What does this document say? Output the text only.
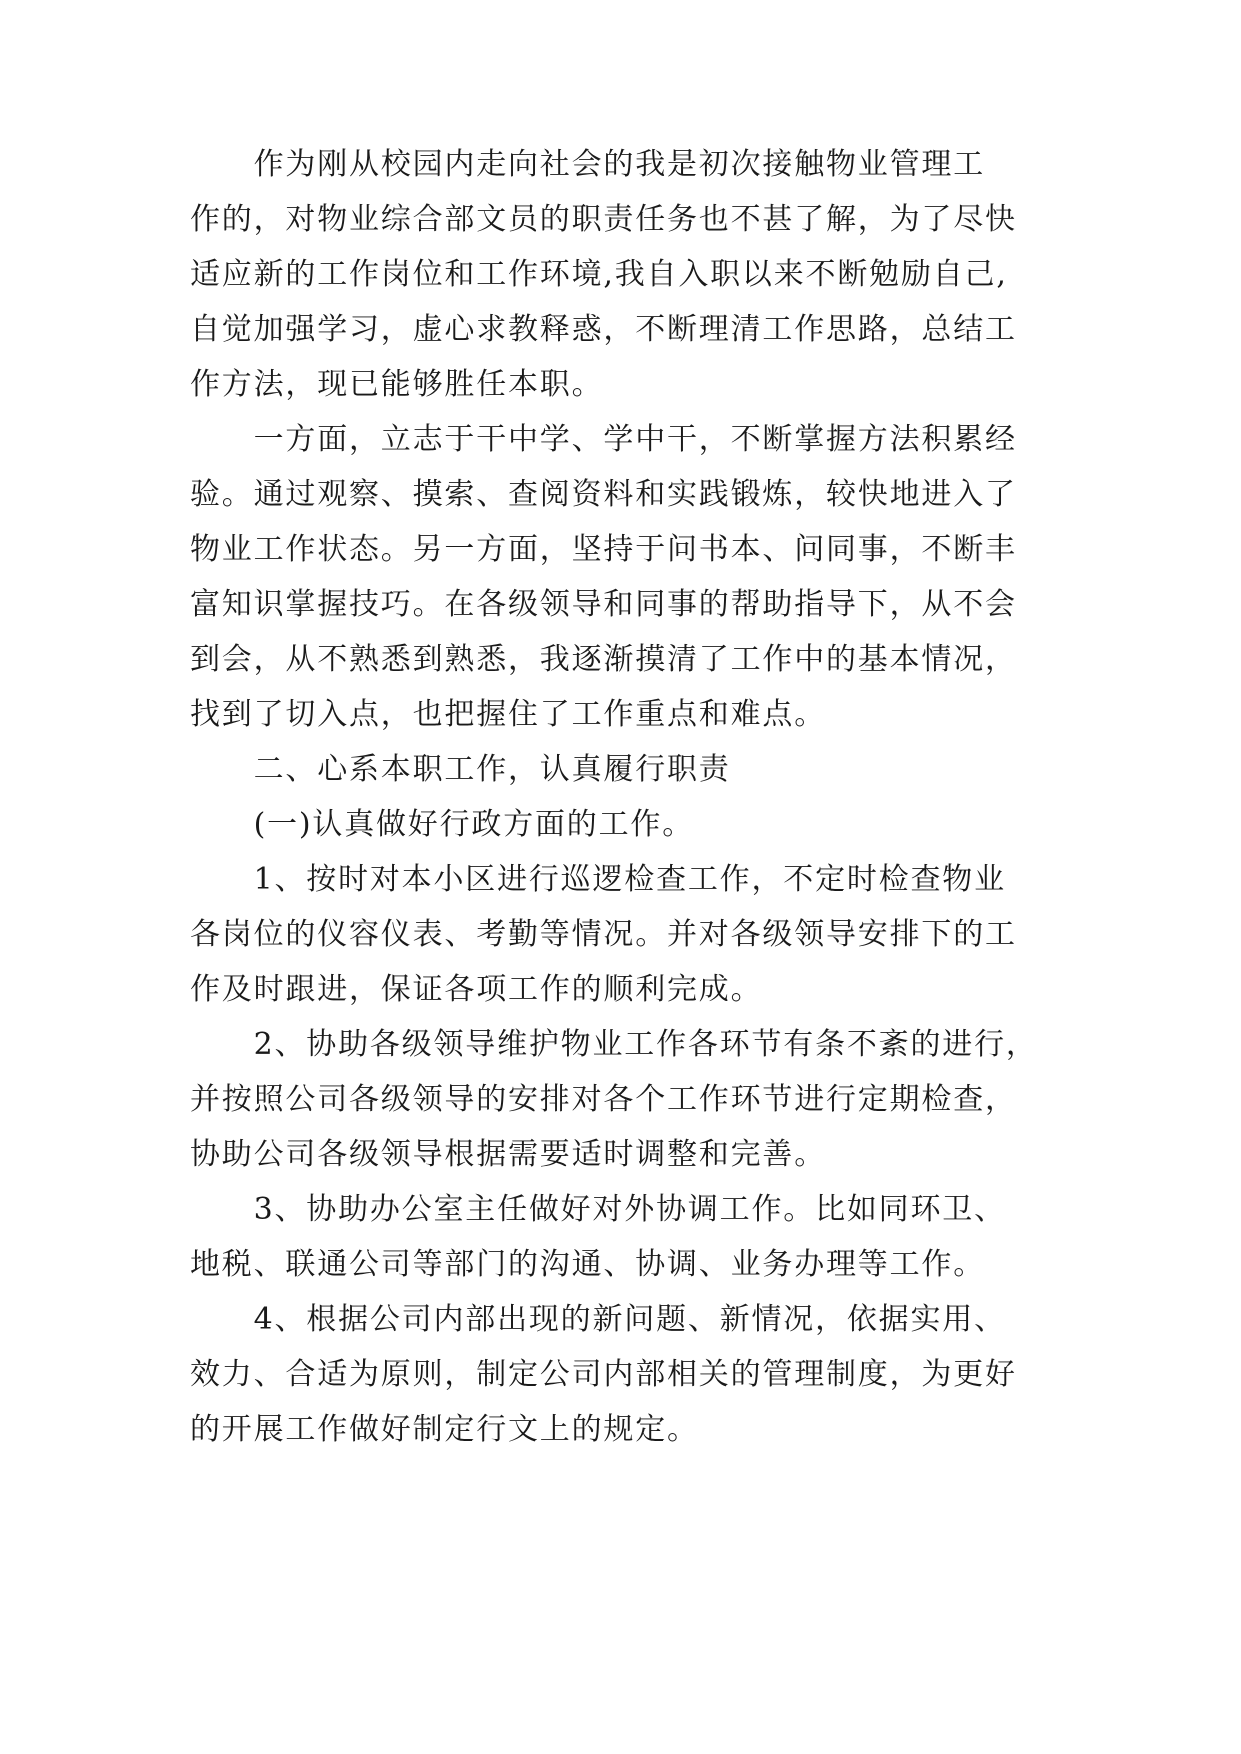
　　作为刚从校园内走向社会的我是初次接触物业管理工
作的，对物业综合部文员的职责任务也不甚了解，为了尽快
适应新的工作岗位和工作环境,我自入职以来不断勉励自己,
自觉加强学习，虚心求教释惑，不断理清工作思路，总结工
作方法，现已能够胜任本职。
　　一方面，立志于干中学、学中干，不断掌握方法积累经
验。通过观察、摸索、查阅资料和实践锻炼，较快地进入了
物业工作状态。另一方面，坚持于问书本、问同事，不断丰
富知识掌握技巧。在各级领导和同事的帮助指导下，从不会
到会，从不熟悉到熟悉，我逐渐摸清了工作中的基本情况，
找到了切入点，也把握住了工作重点和难点。
　　二、心系本职工作，认真履行职责
　　(一)认真做好行政方面的工作。
　　1、按时对本小区进行巡逻检查工作，不定时检查物业
各岗位的仪容仪表、考勤等情况。并对各级领导安排下的工
作及时跟进，保证各项工作的顺利完成。
　　2、协助各级领导维护物业工作各环节有条不紊的进行，
并按照公司各级领导的安排对各个工作环节进行定期检查，
协助公司各级领导根据需要适时调整和完善。
　　3、协助办公室主任做好对外协调工作。比如同环卫、
地税、联通公司等部门的沟通、协调、业务办理等工作。
　　4、根据公司内部出现的新问题、新情况，依据实用、
效力、合适为原则，制定公司内部相关的管理制度，为更好
的开展工作做好制定行文上的规定。
